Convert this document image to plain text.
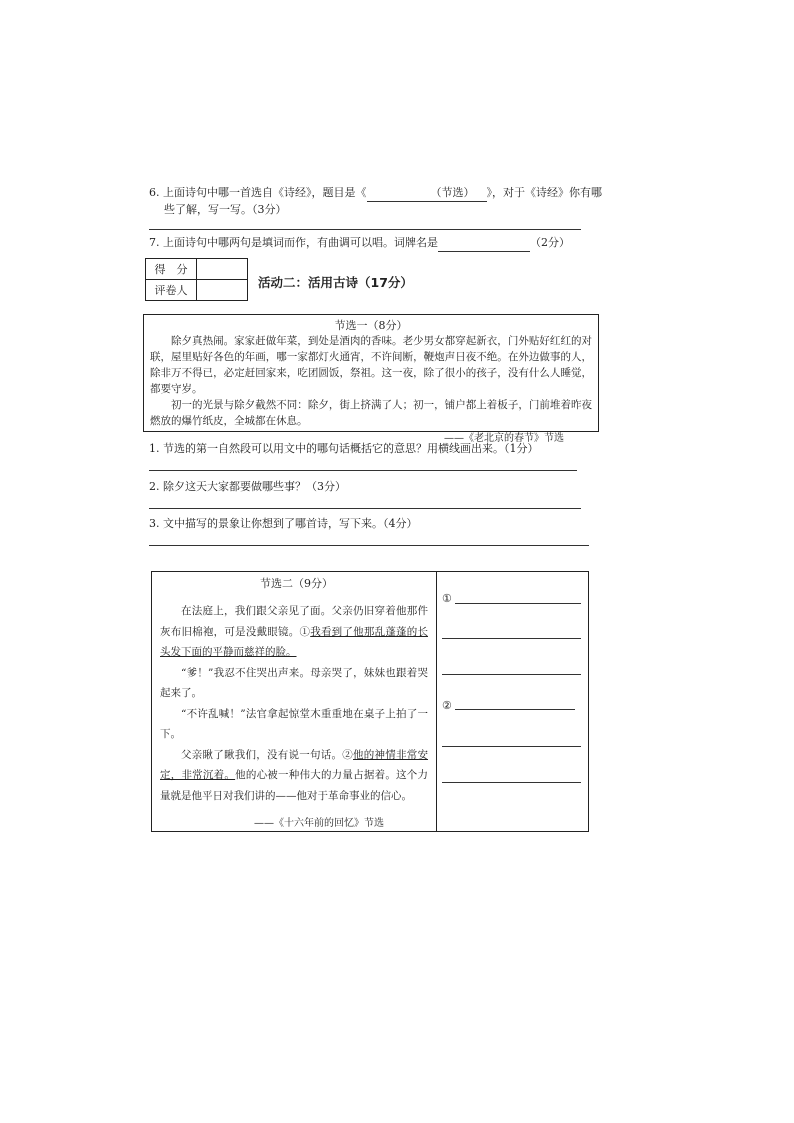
6. 上面诗句中哪一首选自《诗经》，题目是《	（节选） 》，对于《诗经》你有哪
些了解，写一写。（3分）
7. 上面诗句中哪两句是填词而作，有曲调可以唱。词牌名是	（2分）
得　分	
评卷人	
活动二：活用古诗（17分）
节选一（8分）

除夕真热闹。家家赶做年菜，到处是酒肉的香味。老少男女都穿起新衣，门外贴好红红的对联，屋里贴好各色的年画，哪一家都灯火通宵，不许间断，鞭炮声日夜不绝。在外边做事的人，除非万不得已，必定赶回家来，吃团圆饭，祭祖。这一夜，除了很小的孩子，没有什么人睡觉，都要守岁。

初一的光景与除夕截然不同：除夕，街上挤满了人；初一，铺户都上着板子，门前堆着昨夜燃放的爆竹纸皮，全城都在休息。

——《老北京的春节》节选
1. 节选的第一自然段可以用文中的哪句话概括它的意思？用横线画出来。（1分）
2. 除夕这天大家都要做哪些事？（3分）
3. 文中描写的景象让你想到了哪首诗，写下来。（4分）
节选二（9分）

在法庭上，我们跟父亲见了面。父亲仍旧穿着他那件灰布旧棉袍，可是没戴眼镜。①我看到了他那乱蓬蓬的长头发下面的平静而慈祥的脸。

“爹！”我忍不住哭出声来。母亲哭了，妹妹也跟着哭起来了。

“不许乱喊！”法官拿起惊堂木重重地在桌子上拍了一下。

父亲瞅了瞅我们，没有说一句话。②他的神情非常安定，非常沉着。他的心被一种伟大的力量占据着。这个力量就是他平日对我们讲的——他对于革命事业的信心。

——《十六年前的回忆》节选
①
②
